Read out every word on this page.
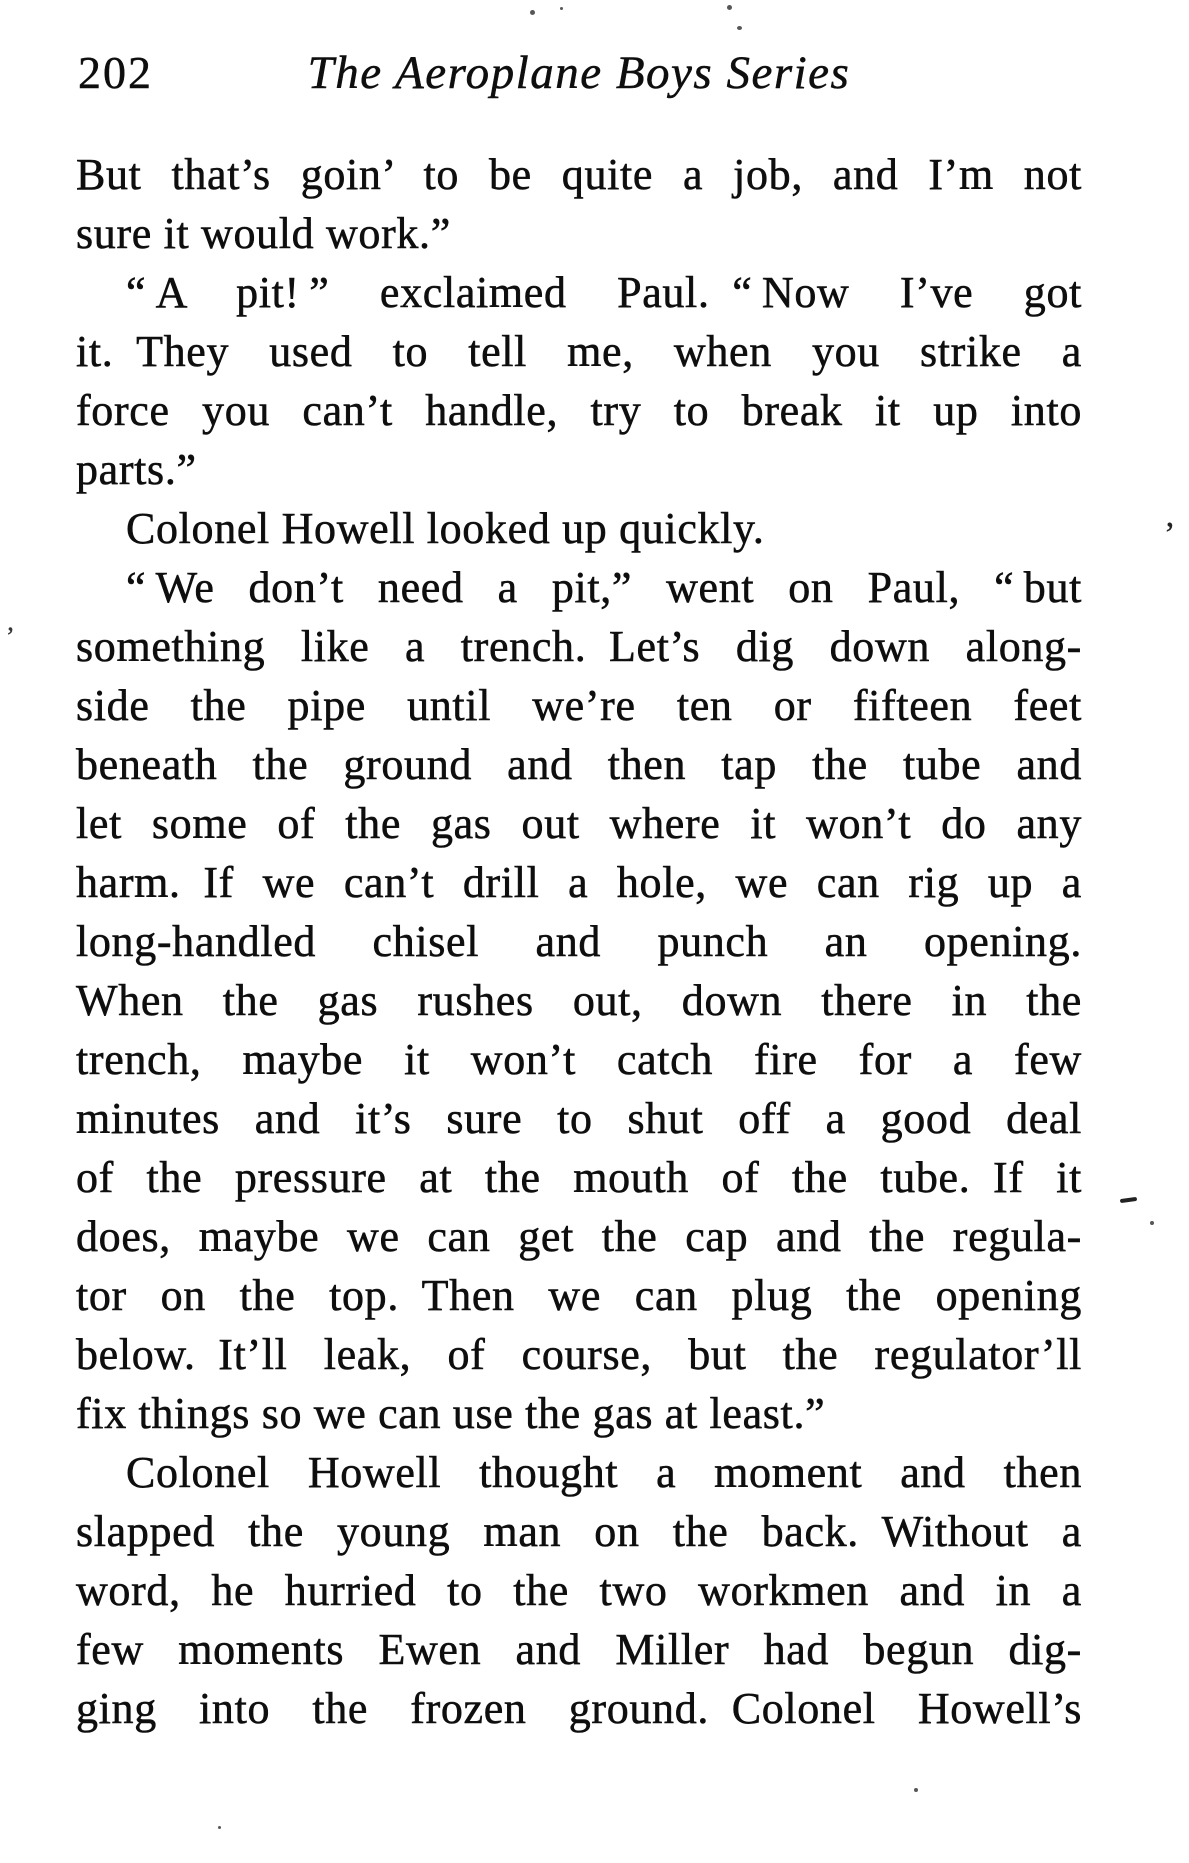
202	The Aeroplane Boys Series
But that’s goin’ to be quite a job, and I’m not
sure it would work.”
“ A pit! ” exclaimed Paul. “ Now I’ve got
it. They used to tell me, when you strike a
force you can’t handle, try to break it up into
parts.”
Colonel Howell looked up quickly.
“ We don’t need a pit,” went on Paul, “ but
something like a trench. Let’s dig down along-
side the pipe until we’re ten or fifteen feet
beneath the ground and then tap the tube and
let some of the gas out where it won’t do any
harm. If we can’t drill a hole, we can rig up a
long-handled chisel and punch an opening.
When the gas rushes out, down there in the
trench, maybe it won’t catch fire for a few
minutes and it’s sure to shut off a good deal
of the pressure at the mouth of the tube. If it
does, maybe we can get the cap and the regula-
tor on the top. Then we can plug the opening
below. It’ll leak, of course, but the regulator’ll
fix things so we can use the gas at least.”
Colonel Howell thought a moment and then
slapped the young man on the back. Without a
word, he hurried to the two workmen and in a
few moments Ewen and Miller had begun dig-
ging into the frozen ground. Colonel Howell’s
’
’
